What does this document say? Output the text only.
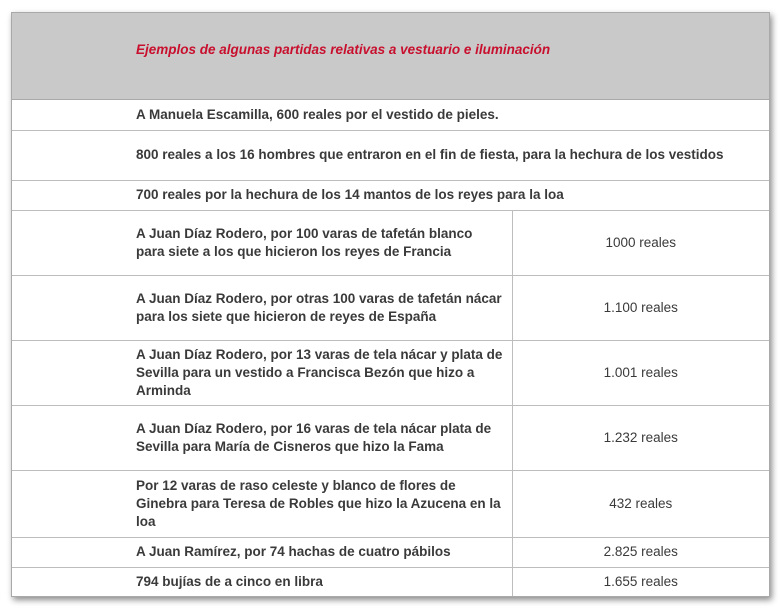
Ejemplos de algunas partidas relativas a vestuario e iluminación
A Manuela Escamilla, 600 reales por el vestido de pieles.	
800 reales a los 16 hombres que entraron en el fin de fiesta, para la hechura de los vestidos	
700 reales por la hechura de los 14 mantos de los reyes para la loa	
A Juan Díaz Rodero, por 100 varas de tafetán blanco para siete a los que hicieron los reyes de Francia	1000 reales
A Juan Díaz Rodero, por otras 100 varas de tafetán nácar para los siete que hicieron de reyes de España	1.100 reales
A Juan Díaz Rodero, por 13 varas de tela nácar y plata de Sevilla para un vestido a Francisca Bezón que hizo a Arminda	1.001 reales
A Juan Díaz Rodero, por 16 varas de tela nácar plata de Sevilla para María de Cisneros que hizo la Fama	1.232 reales
Por 12 varas de raso celeste y blanco de flores de Ginebra para Teresa de Robles que hizo la Azucena en la loa	432 reales
A Juan Ramírez, por 74 hachas de cuatro pábilos	2.825 reales
794 bujías de a cinco en libra	1.655 reales
